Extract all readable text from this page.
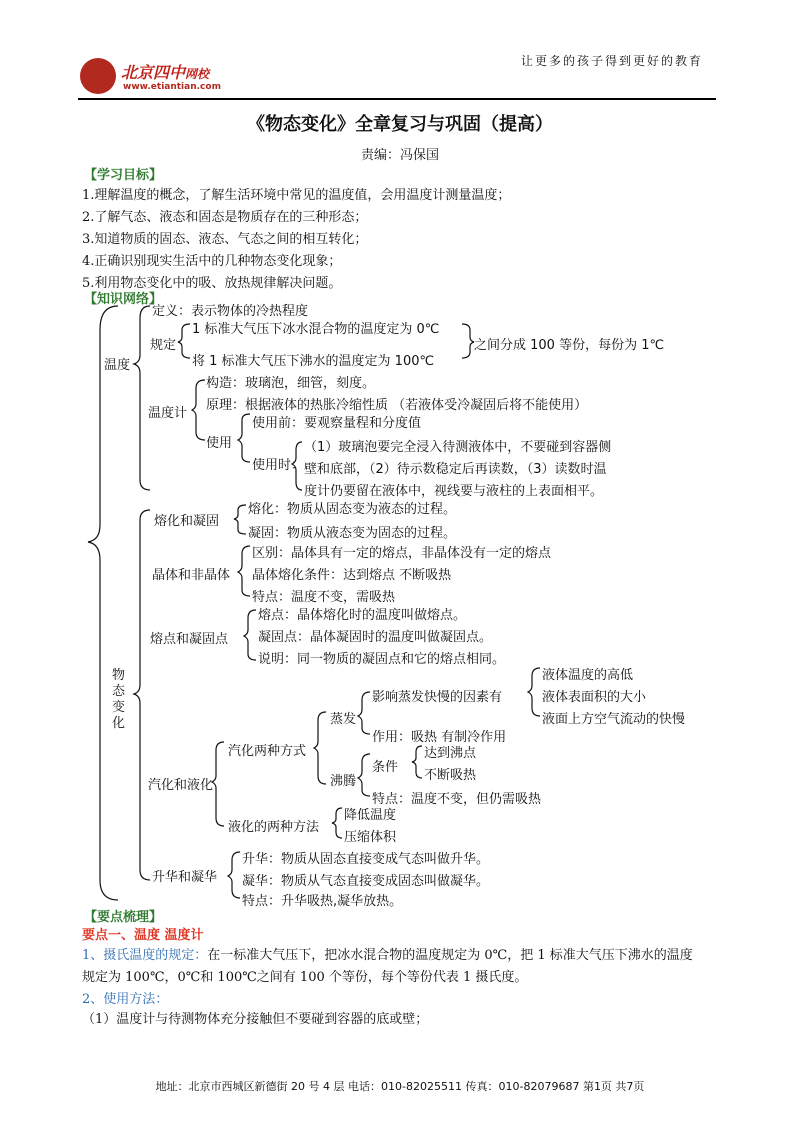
北京四中网校
www.etiantian.com
让更多的孩子得到更好的教育
《物态变化》全章复习与巩固（提高）
责编：冯保国
【学习目标】
1.理解温度的概念，了解生活环境中常见的温度值，会用温度计测量温度；
2.了解气态、液态和固态是物质存在的三种形态；
3.知道物质的固态、液态、气态之间的相互转化；
4.正确识别现实生活中的几种物态变化现象；
5.利用物态变化中的吸、放热规律解决问题。
【知识网络】
温度
定义：表示物体的冷热程度
规定
1 标准大气压下冰水混合物的温度定为 0℃
将 1 标准大气压下沸水的温度定为 100℃
之间分成 100 等份，每份为 1℃
温度计
构造：玻璃泡，细管，刻度。
原理：根据液体的热胀冷缩性质 （若液体受冷凝固后将不能使用）
使用
使用前：要观察量程和分度值
使用时：
（1）玻璃泡要完全浸入待测液体中，不要碰到容器侧
壁和底部，（2）待示数稳定后再读数，（3）读数时温
度计仍要留在液体中，视线要与液柱的上表面相平。
物态变化
熔化和凝固
熔化：物质从固态变为液态的过程。
凝固：物质从液态变为固态的过程。
晶体和非晶体
区别：晶体具有一定的熔点，非晶体没有一定的熔点
晶体熔化条件：达到熔点 不断吸热
特点：温度不变，需吸热
熔点和凝固点
熔点：晶体熔化时的温度叫做熔点。
凝固点：晶体凝固时的温度叫做凝固点。
说明：同一物质的凝固点和它的熔点相同。
汽化和液化
汽化两种方式
蒸发
影响蒸发快慢的因素有
液体温度的高低
液体表面积的大小
液面上方空气流动的快慢
作用：吸热 有制冷作用
沸腾
条件
达到沸点
不断吸热
特点：温度不变，但仍需吸热
液化的两种方法
降低温度
压缩体积
升华和凝华
升华：物质从固态直接变成气态叫做升华。
凝华：物质从气态直接变成固态叫做凝华。
特点：升华吸热,凝华放热。
【要点梳理】
要点一、温度 温度计
1、摄氏温度的规定：在一标准大气压下，把冰水混合物的温度规定为 0℃，把 1 标准大气压下沸水的温度
规定为 100℃，0℃和 100℃之间有 100 个等份，每个等份代表 1 摄氏度。
2、使用方法：
（1）温度计与待测物体充分接触但不要碰到容器的底或壁；
地址：北京市西城区新德街 20 号 4 层 电话：010-82025511 传真：010-82079687 第1页 共7页
